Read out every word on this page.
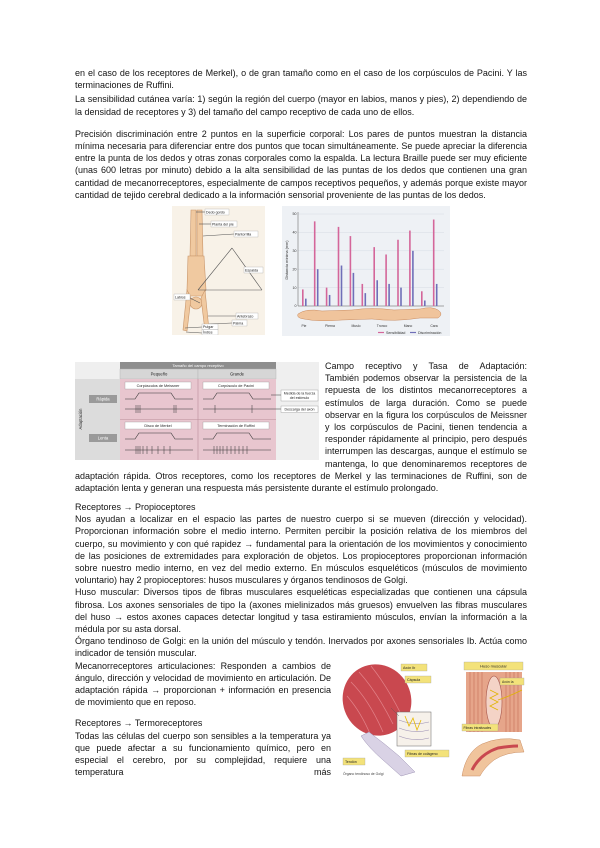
en el caso de los receptores de Merkel), o de gran tamaño como en el caso de los corpúsculos de Pacini. Y las terminaciones de Ruffini.

La sensibilidad cutánea varía: 1) según la región del cuerpo (mayor en labios, manos y pies), 2) dependiendo de la densidad de receptores y 3) del tamaño del campo receptivo de cada uno de ellos.

Precisión discriminación entre 2 puntos en la superficie corporal: Los pares de puntos muestran la distancia mínima necesaria para diferenciar entre dos puntos que tocan simultáneamente. Se puede apreciar la diferencia entre la punta de los dedos y otras zonas corporales como la espalda. La lectura Braille puede ser muy eficiente (unas 600 letras por minuto) debido a la alta sensibilidad de las puntas de los dedos que contienen una gran cantidad de mecanorreceptores, especialmente de campos receptivos pequeños, y además porque existe mayor cantidad de tejido cerebral dedicado a la información sensorial proveniente de las puntas de los dedos.

Dedo gordo
Planta del pie
Pantorrilla
Espalda
Labios
Antebrazo
Palma
Pulgar
Índice
Distancia mínima (mm)
0
10
20
30
40
50
Pie	Pierna	Muslo	Tronco	Mano	Cara
Sensibilidad	Discriminación
Tamaño del campo receptivo
Pequeño	Grande
Adaptación
Rápida
Lenta
Corpúsculos de Meissner	Corpúsculo de Pacini
Disco de Merkel	Terminación de Ruffini
Medida de la fuerza
del estímulo
Descarga del axón

Campo receptivo y Tasa de Adaptación:
También podemos observar la persistencia de la repuesta de los distintos mecanorreceptores a estímulos de larga duración. Como se puede observar en la figura los corpúsculos de Meissner y los corpúsculos de Pacini, tienen tendencia a responder rápidamente al principio, pero después interrumpen las descargas, aunque el estímulo se mantenga, lo que denominaremos receptores de adaptación rápida. Otros receptores, como los receptores de Merkel y las terminaciones de Ruffini, son de adaptación lenta y generan una respuesta más persistente durante el estímulo prolongado.

Receptores → Propioceptores

Nos ayudan a localizar en el espacio las partes de nuestro cuerpo si se mueven (dirección y velocidad). Proporcionan información sobre el medio interno. Permiten percibir la posición relativa de los miembros del cuerpo, su movimiento y con qué rapidez → fundamental para la orientación de los movimientos y conocimiento de las posiciones de extremidades para exploración de objetos. Los propioceptores proporcionan información sobre nuestro medio interno, en vez del medio externo. En músculos esqueléticos (músculos de movimiento voluntario) hay 2 propioceptores: husos musculares y órganos tendinosos de Golgi.

Huso muscular: Diversos tipos de fibras musculares esqueléticas especializadas que contienen una cápsula fibrosa. Los axones sensoriales de tipo Ia (axones mielinizados más gruesos) envuelven las fibras musculares del huso → estos axones capaces detectar longitud y tasa estiramiento músculos, envían la información a la médula por su asta dorsal.

Órgano tendinoso de Golgi: en la unión del músculo y tendón. Inervados por axones sensoriales Ib. Actúa como indicador de tensión muscular.

Axón Ib
Cápsula
Fibras de colágeno
Tendón
Órgano tendinoso de Golgi
Huso muscular
Axón Ia
Fibras intrafusales

Mecanorreceptores articulaciones: Responden a cambios de ángulo, dirección y velocidad de movimiento en articulación. De adaptación rápida → proporcionan + información en presencia de movimiento que en reposo.

Receptores → Termoreceptores

Todas las células del cuerpo son sensibles a la temperatura ya que puede afectar a su funcionamiento químico, pero en especial el cerebro, por su complejidad, requiere una temperatura más
